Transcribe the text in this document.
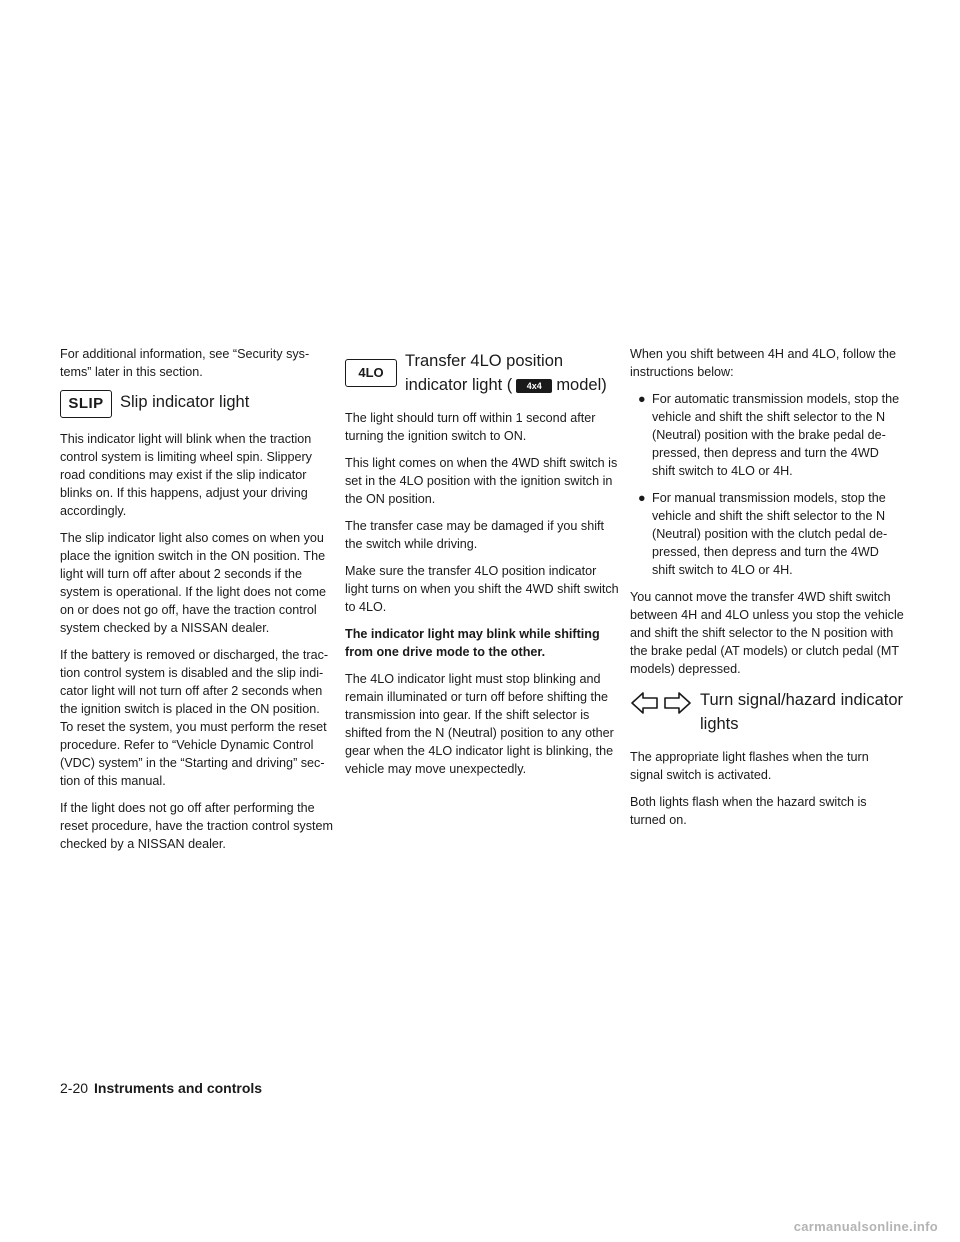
For additional information, see “Security sys- tems” later in this section.

SLIP Slip indicator light

This indicator light will blink when the traction control system is limiting wheel spin. Slippery road conditions may exist if the slip indicator blinks on. If this happens, adjust your driving accordingly.

The slip indicator light also comes on when you place the ignition switch in the ON position. The light will turn off after about 2 seconds if the system is operational. If the light does not come on or does not go off, have the traction control system checked by a NISSAN dealer.

If the battery is removed or discharged, the trac- tion control system is disabled and the slip indi- cator light will not turn off after 2 seconds when the ignition switch is placed in the ON position. To reset the system, you must perform the reset procedure. Refer to “Vehicle Dynamic Control (VDC) system” in the “Starting and driving” sec- tion of this manual.

If the light does not go off after performing the reset procedure, have the traction control system checked by a NISSAN dealer.

4LO
Transfer 4LO position
indicator light ( 4x4 model)

The light should turn off within 1 second after turning the ignition switch to ON.

This light comes on when the 4WD shift switch is set in the 4LO position with the ignition switch in the ON position.

The transfer case may be damaged if you shift the switch while driving.

Make sure the transfer 4LO position indicator light turns on when you shift the 4WD shift switch to 4LO.

The indicator light may blink while shifting from one drive mode to the other.

The 4LO indicator light must stop blinking and remain illuminated or turn off before shifting the transmission into gear. If the shift selector is shifted from the N (Neutral) position to any other gear when the 4LO indicator light is blinking, the vehicle may move unexpectedly.

When you shift between 4H and 4LO, follow the instructions below:

● For automatic transmission models, stop the vehicle and shift the shift selector to the N (Neutral) position with the brake pedal de- pressed, then depress and turn the 4WD shift switch to 4LO or 4H.
● For manual transmission models, stop the vehicle and shift the shift selector to the N (Neutral) position with the clutch pedal de- pressed, then depress and turn the 4WD shift switch to 4LO or 4H.

You cannot move the transfer 4WD shift switch between 4H and 4LO unless you stop the vehicle and shift the shift selector to the N position with the brake pedal (AT models) or clutch pedal (MT models) depressed.

Turn signal/hazard indicator
lights

The appropriate light flashes when the turn signal switch is activated.

Both lights flash when the hazard switch is turned on.

2-20 Instruments and controls
carmanualsonline.info
